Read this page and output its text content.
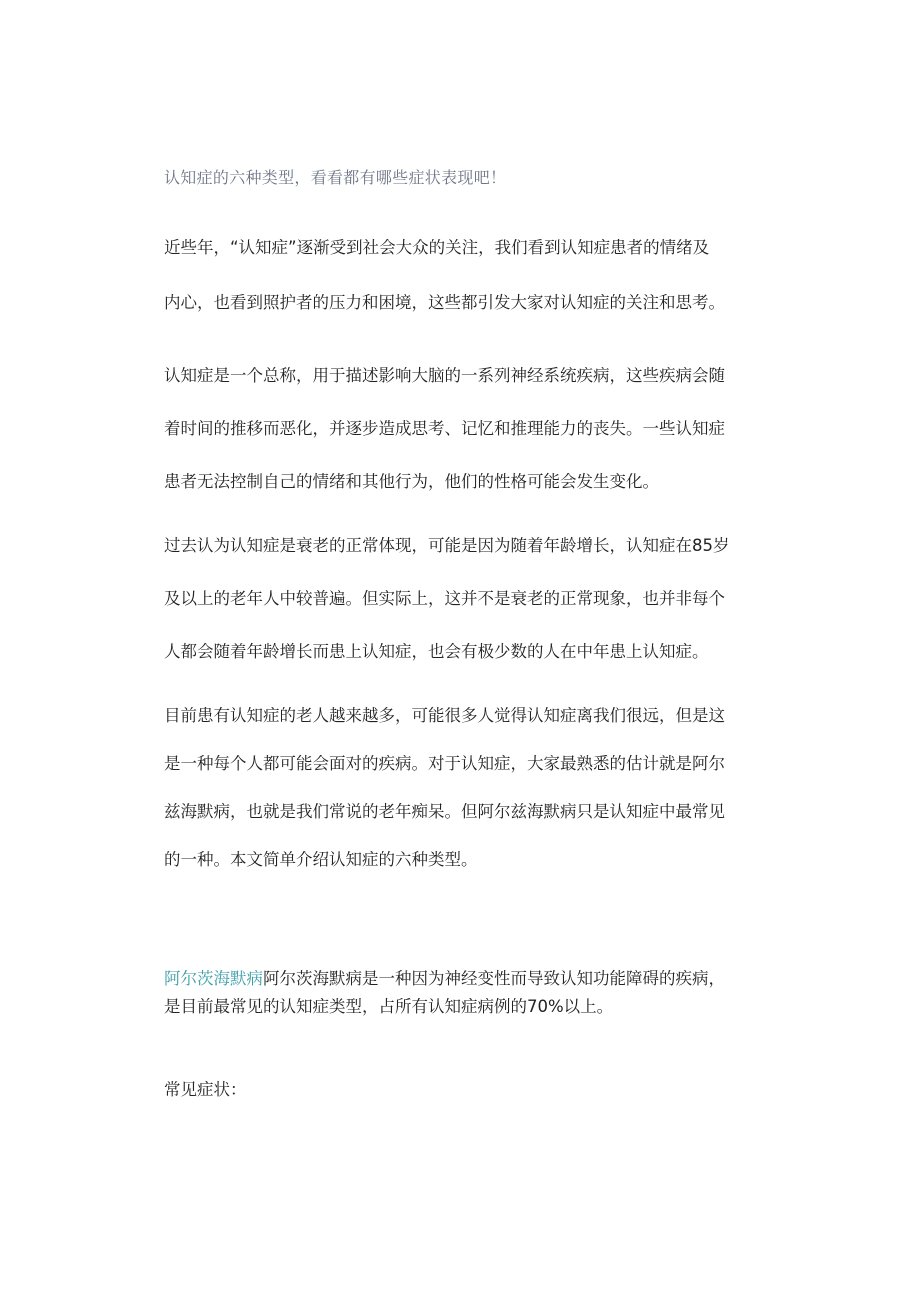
认知症的六种类型，看看都有哪些症状表现吧！
近些年，“认知症”逐渐受到社会大众的关注，我们看到认知症患者的情绪及
内心，也看到照护者的压力和困境，这些都引发大家对认知症的关注和思考。
认知症是一个总称，用于描述影响大脑的一系列神经系统疾病，这些疾病会随
着时间的推移而恶化，并逐步造成思考、记忆和推理能力的丧失。一些认知症
患者无法控制自己的情绪和其他行为，他们的性格可能会发生变化。
过去认为认知症是衰老的正常体现，可能是因为随着年龄增长，认知症在85岁
及以上的老年人中较普遍。但实际上，这并不是衰老的正常现象，也并非每个
人都会随着年龄增长而患上认知症，也会有极少数的人在中年患上认知症。
目前患有认知症的老人越来越多，可能很多人觉得认知症离我们很远，但是这
是一种每个人都可能会面对的疾病。对于认知症，大家最熟悉的估计就是阿尔
兹海默病，也就是我们常说的老年痴呆。但阿尔兹海默病只是认知症中最常见
的一种。本文简单介绍认知症的六种类型。
阿尔茨海默病阿尔茨海默病是一种因为神经变性而导致认知功能障碍的疾病，
是目前最常见的认知症类型，占所有认知症病例的70%以上。
常见症状：
